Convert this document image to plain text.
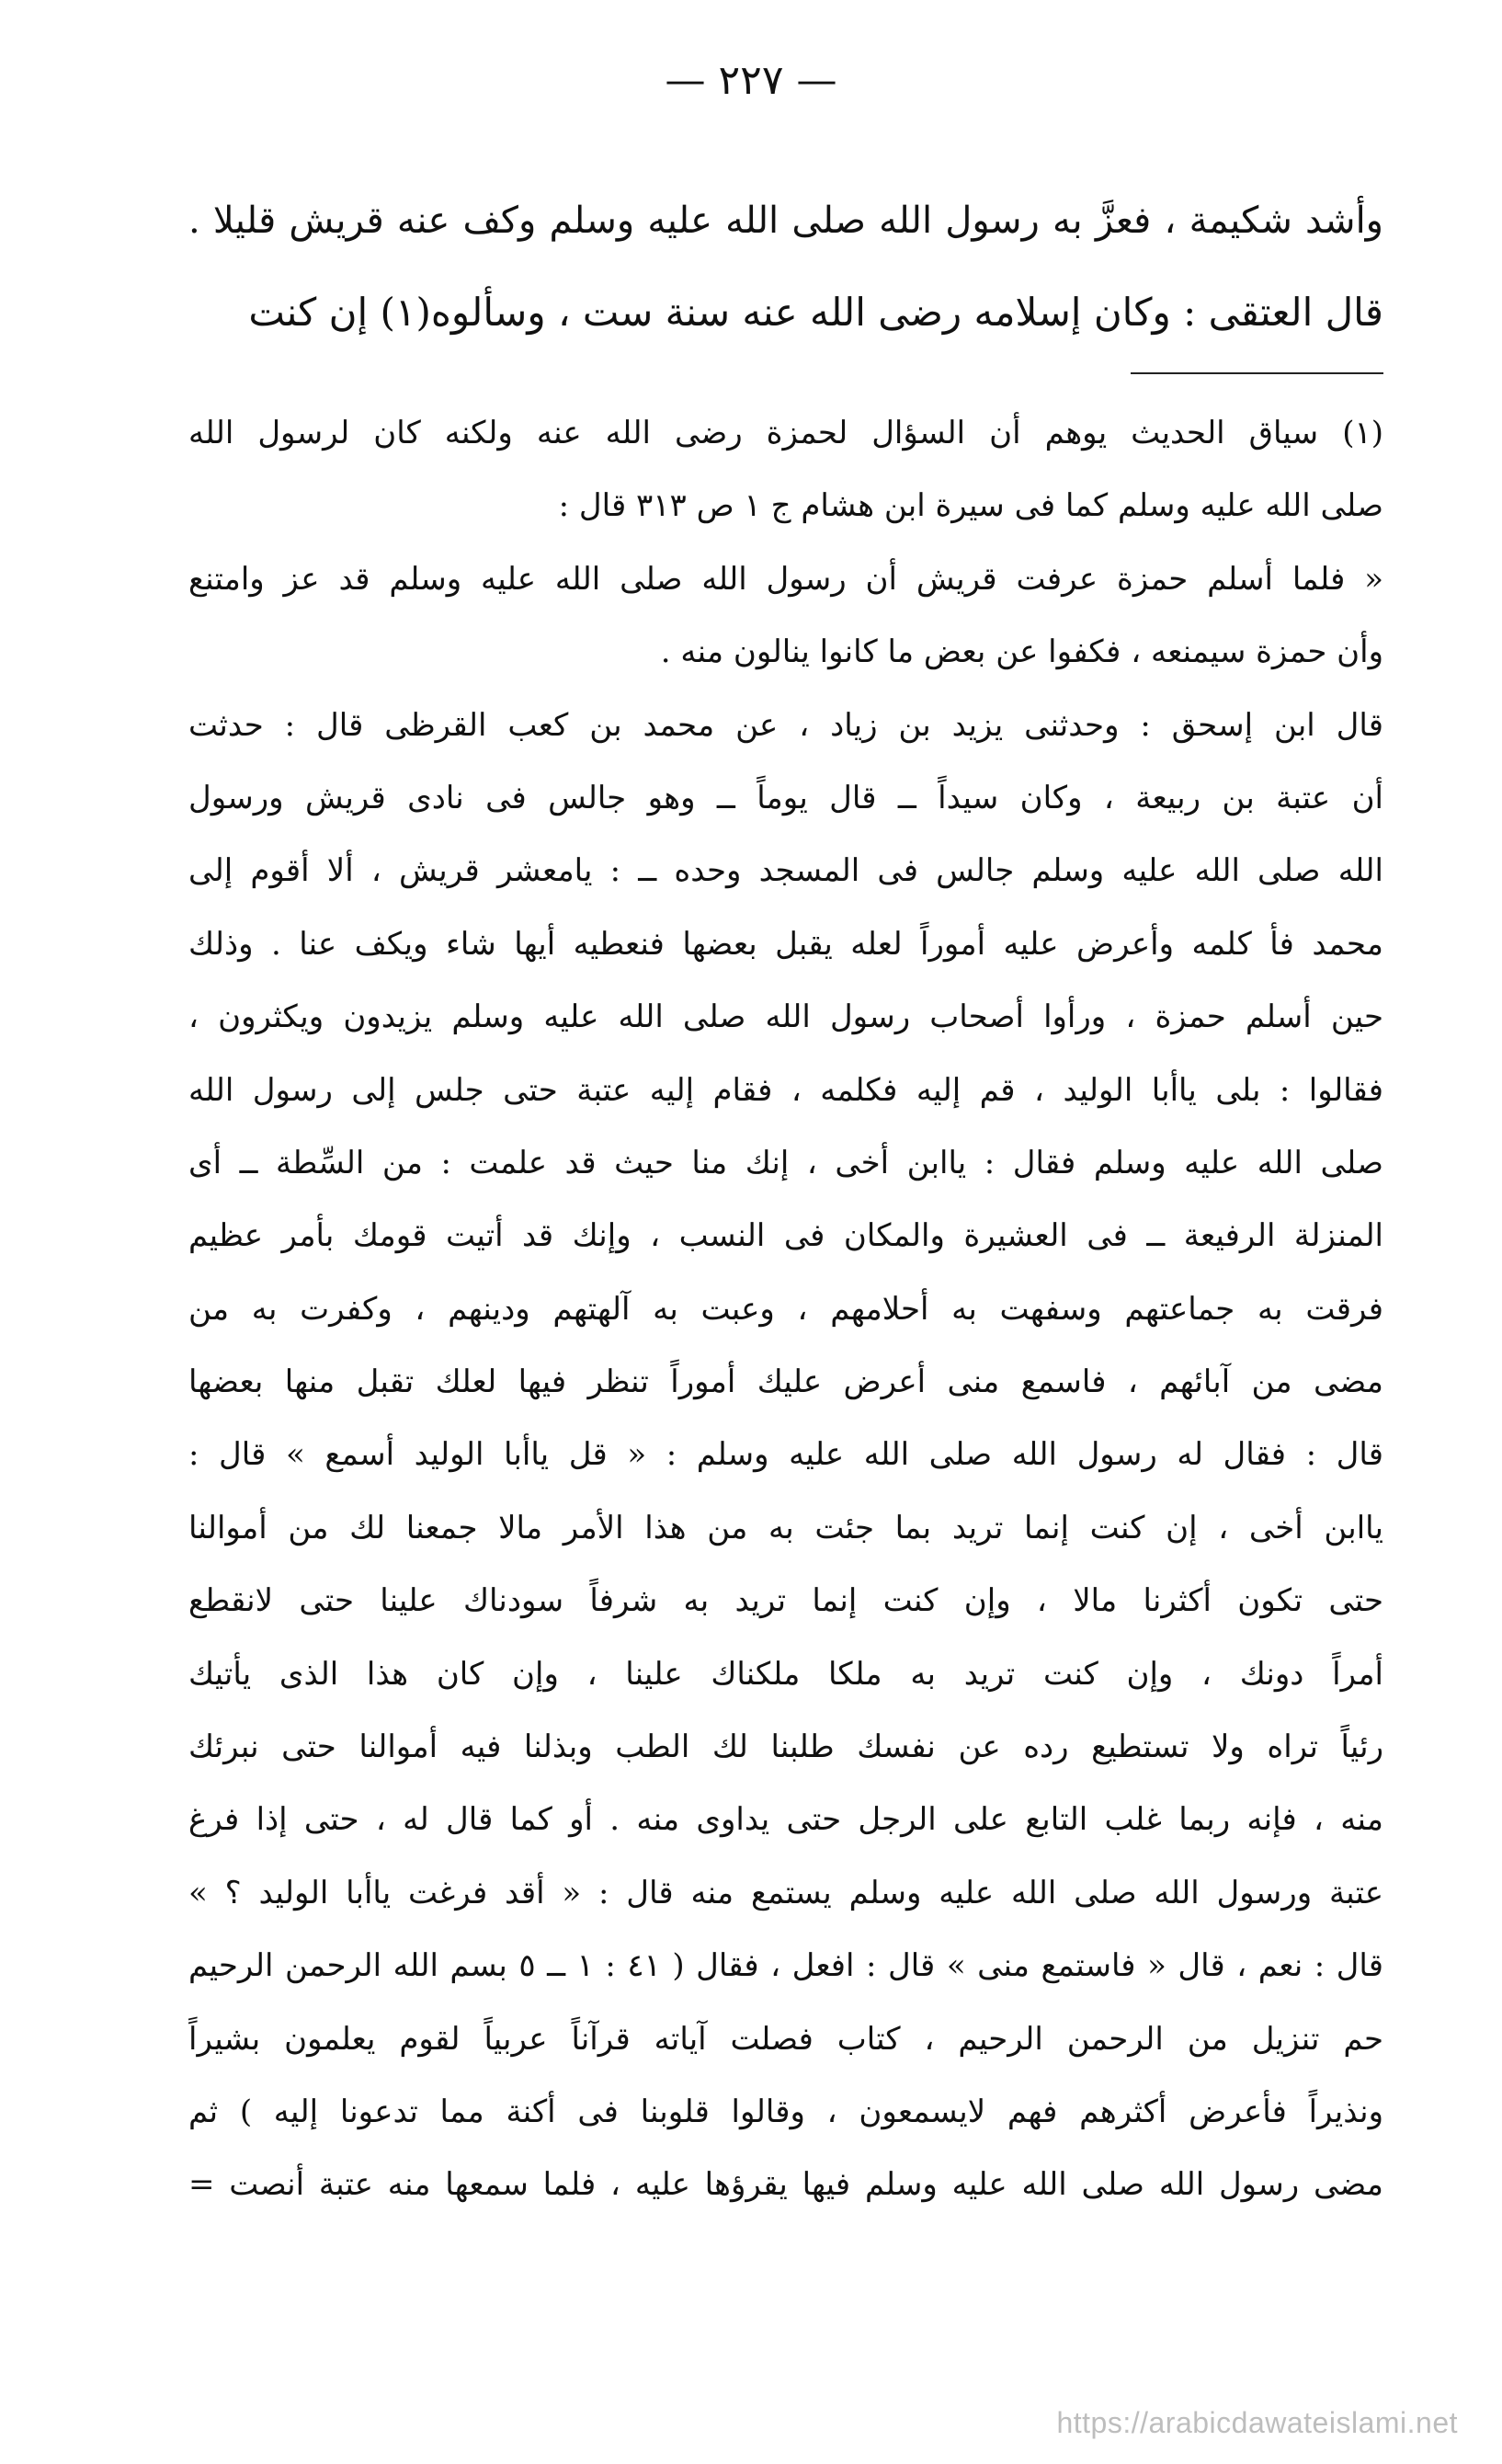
— ٢٢٧ —
وأشد شكيمة ، فعزَّ به رسول الله صلى الله عليه وسلم وكف عنه قريش قليلا .
قال العتقى : وكان إسلامه رضى الله عنه سنة ست ، وسألوه(١) إن كنت
(١) سياق الحديث يوهم أن السؤال لحمزة رضى الله عنه ولكنه كان لرسول الله
صلى الله عليه وسلم كما فى سيرة ابن هشام ج ١ ص ٣١٣ قال :
« فلما أسلم حمزة عرفت قريش أن رسول الله صلى الله عليه وسلم قد عز وامتنع
وأن حمزة سيمنعه ، فكفوا عن بعض ما كانوا ينالون منه .
قال ابن إسحق : وحدثنى يزيد بن زياد ، عن محمد بن كعب القرظى قال : حدثت
أن عتبة بن ربيعة ، وكان سيداً ــ قال يوماً ــ وهو جالس فى نادى قريش ورسول
الله صلى الله عليه وسلم جالس فى المسجد وحده ــ : يامعشر قريش ، ألا أقوم إلى
محمد فأ كلمه وأعرض عليه أموراً لعله يقبل بعضها فنعطيه أيها شاء ويكف عنا . وذلك
حين أسلم حمزة ، ورأوا أصحاب رسول الله صلى الله عليه وسلم يزيدون ويكثرون ،
فقالوا : بلى ياأبا الوليد ، قم إليه فكلمه ، فقام إليه عتبة حتى جلس إلى رسول الله
صلى الله عليه وسلم فقال : ياابن أخى ، إنك منا حيث قد علمت : من السِّطة ــ أى
المنزلة الرفيعة ــ فى العشيرة والمكان فى النسب ، وإنك قد أتيت قومك بأمر عظيم
فرقت به جماعتهم وسفهت به أحلامهم ، وعبت به آلهتهم ودينهم ، وكفرت به من
مضى من آبائهم ، فاسمع منى أعرض عليك أموراً تنظر فيها لعلك تقبل منها بعضها
قال : فقال له رسول الله صلى الله عليه وسلم : « قل ياأبا الوليد أسمع » قال :
ياابن أخى ، إن كنت إنما تريد بما جئت به من هذا الأمر مالا جمعنا لك من أموالنا
حتى تكون أكثرنا مالا ، وإن كنت إنما تريد به شرفاً سودناك علينا حتى لانقطع
أمراً دونك ، وإن كنت تريد به ملكا ملكناك علينا ، وإن كان هذا الذى يأتيك
رئياً تراه ولا تستطيع رده عن نفسك طلبنا لك الطب وبذلنا فيه أموالنا حتى نبرئك
منه ، فإنه ربما غلب التابع على الرجل حتى يداوى منه . أو كما قال له ، حتى إذا فرغ
عتبة ورسول الله صلى الله عليه وسلم يستمع منه قال : « أقد فرغت ياأبا الوليد ؟ »
قال : نعم ، قال « فاستمع منى » قال : افعل ، فقال ( ٤١ : ١ ــ ٥ بسم الله الرحمن الرحيم
حم تنزيل من الرحمن الرحيم ، كتاب فصلت آياته قرآناً عربياً لقوم يعلمون بشيراً
ونذيراً فأعرض أكثرهم فهم لايسمعون ، وقالوا قلوبنا فى أكنة مما تدعونا إليه ) ثم
مضى رسول الله صلى الله عليه وسلم فيها يقرؤها عليه ، فلما سمعها منه عتبة أنصت =
https://arabicdawateislami.net
